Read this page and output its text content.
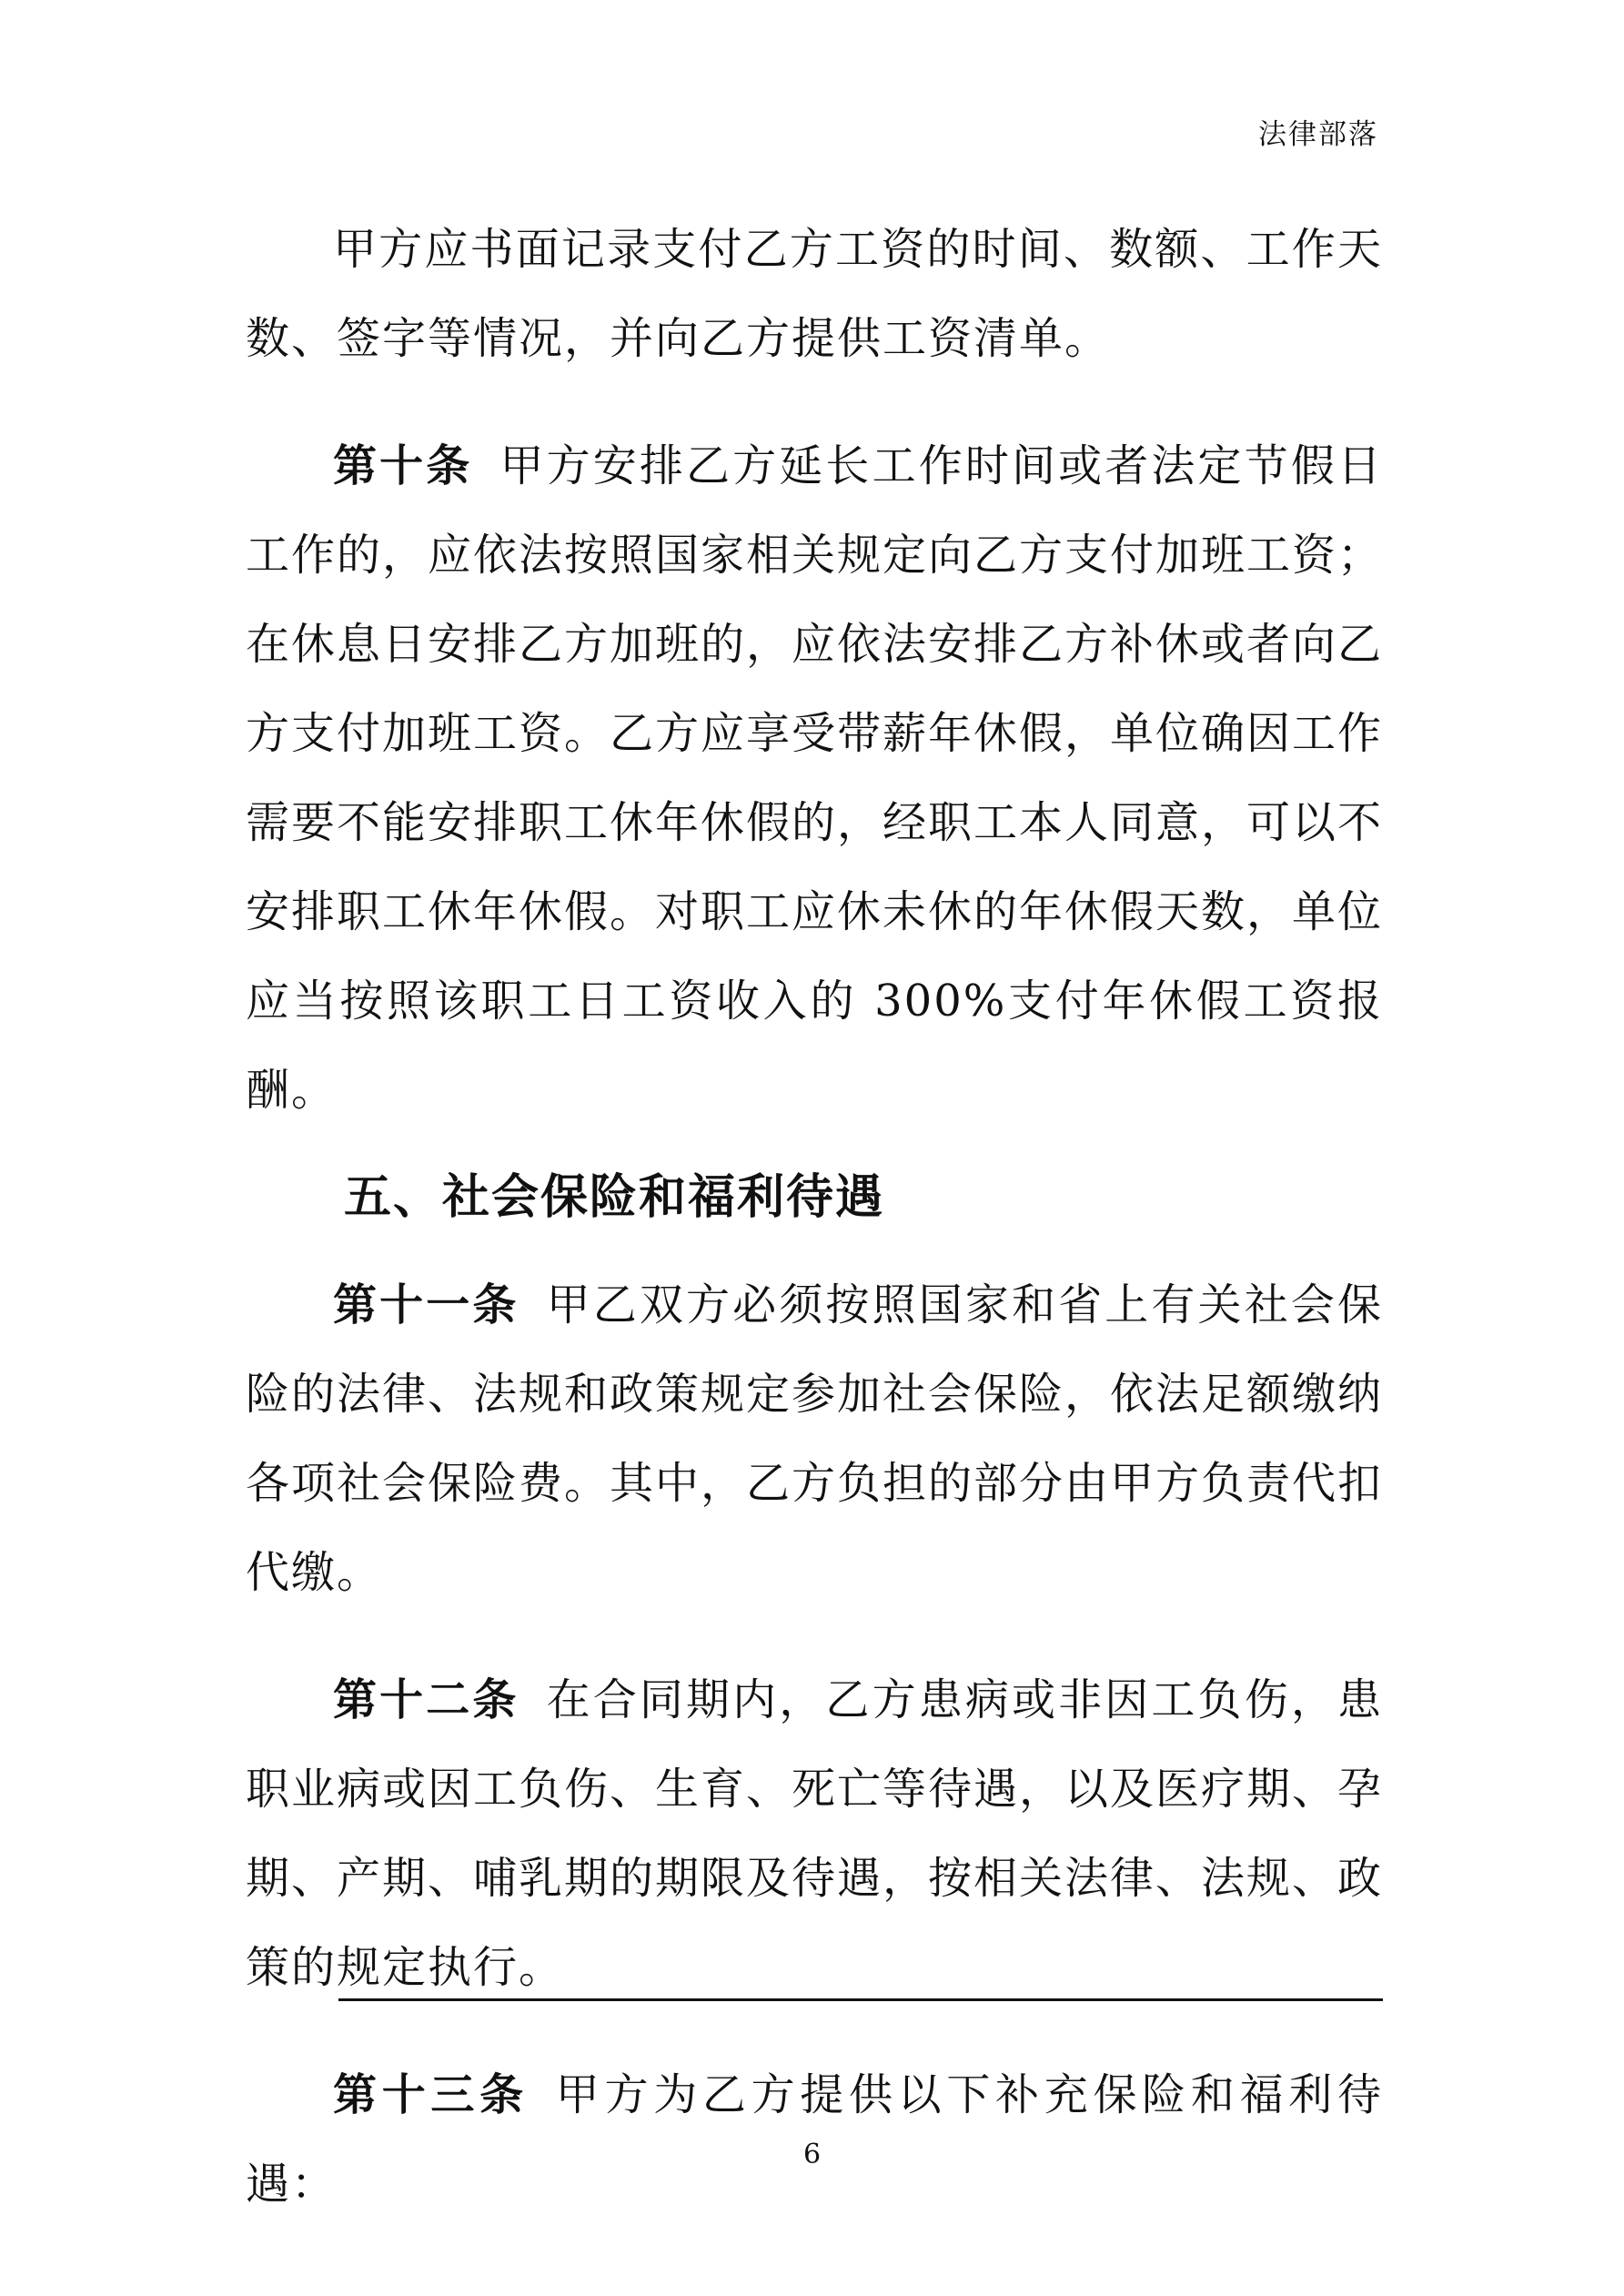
法律部落

甲方应书面记录支付乙方工资的时间、数额、工作天数、签字等情况，并向乙方提供工资清单。

第十条 甲方安排乙方延长工作时间或者法定节假日工作的，应依法按照国家相关规定向乙方支付加班工资；在休息日安排乙方加班的，应依法安排乙方补休或者向乙方支付加班工资。乙方应享受带薪年休假，单位确因工作需要不能安排职工休年休假的，经职工本人同意，可以不安排职工休年休假。对职工应休未休的年休假天数，单位应当按照该职工日工资收入的 300%支付年休假工资报酬。

五、社会保险和福利待遇

第十一条 甲乙双方必须按照国家和省上有关社会保险的法律、法规和政策规定参加社会保险，依法足额缴纳各项社会保险费。其中，乙方负担的部分由甲方负责代扣代缴。

第十二条 在合同期内，乙方患病或非因工负伤，患职业病或因工负伤、生育、死亡等待遇，以及医疗期、孕期、产期、哺乳期的期限及待遇，按相关法律、法规、政策的规定执行。

第十三条 甲方为乙方提供以下补充保险和福利待遇：

6
